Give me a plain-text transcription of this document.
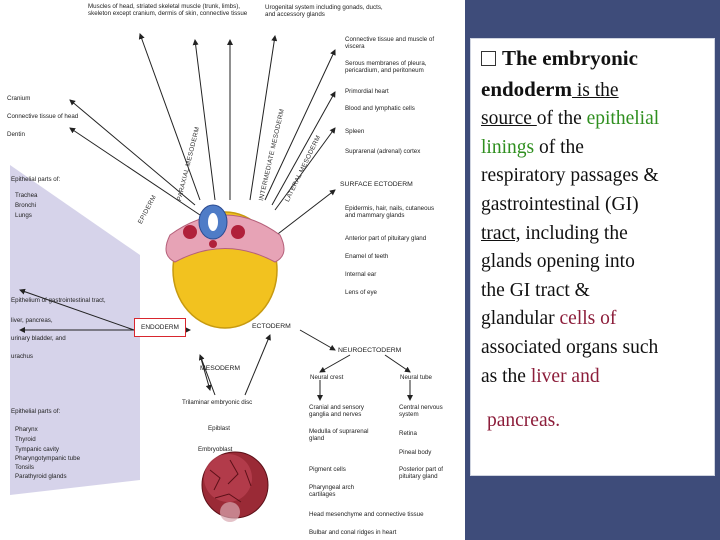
Muscles of head, striated skeletal muscle (trunk, limbs), skeleton except cranium, dermis of skin, connective tissue
Urogenital system including gonads, ducts, and accessory glands
Cranium
Connective tissue of head
Dentin
Connective tissue and muscle of viscera
Serous membranes of pleura, pericardium, and peritoneum
Primordial heart
Blood and lymphatic cells
Spleen
Suprarenal (adrenal) cortex
SURFACE ECTODERM
Epidermis, hair, nails, cutaneous and mammary glands
Anterior part of pituitary gland
Enamel of teeth
Internal ear
Lens of eye
EPIDERM
PARAXIAL MESODERM	INTERMEDIATE MESODERM
LATERAL MESODERM
Epithelial parts of:
Trachea
Bronchi
Lungs
Epithelium of gastrointestinal tract,
liver, pancreas,
urinary bladder, and
urachus
ENDODERM	ECTODERM
NEUROECTODERM
MESODERM
Neural crest	Neural tube
Trilaminar embryonic disc
Epiblast
Embryoblast
Epithelial parts of:
Pharynx
Thyroid
Tympanic cavity
Pharyngotympanic tube
Tonsils
Parathyroid glands
Cranial and sensory ganglia and nerves
Medulla of suprarenal gland
Pigment cells
Pharyngeal arch cartilages
Head mesenchyme and connective tissue
Bulbar and conal ridges in heart
Central nervous system
Retina
Pineal body
Posterior part of pituitary gland
The embryonic
endoderm is the
source of the epithelial
linings of the
respiratory passages &
gastrointestinal (GI)
tract, including the
glands opening into
the GI tract &
glandular cells of
associated organs such
as the liver and
pancreas.
